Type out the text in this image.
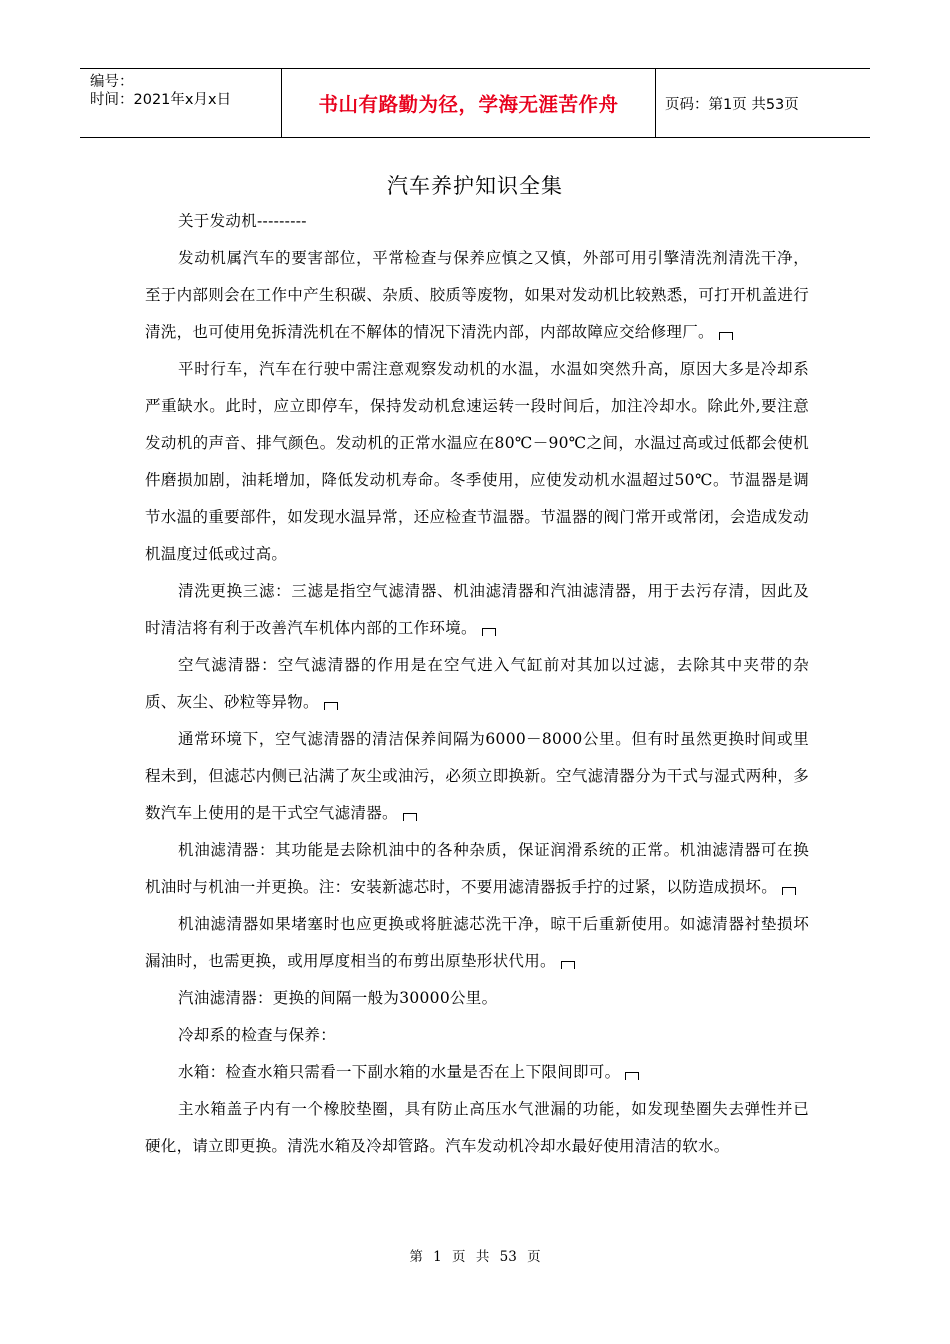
编号：
时间：2021年x月x日	书山有路勤为径，学海无涯苦作舟	页码：第1页 共53页
汽车养护知识全集

关于发动机---------

发动机属汽车的要害部位，平常检查与保养应慎之又慎，外部可用引擎清洗剂清洗干净，至于内部则会在工作中产生积碳、杂质、胶质等废物，如果对发动机比较熟悉，可打开机盖进行清洗，也可使用免拆清洗机在不解体的情况下清洗内部，内部故障应交给修理厂。

平时行车，汽车在行驶中需注意观察发动机的水温，水温如突然升高，原因大多是冷却系严重缺水。此时，应立即停车，保持发动机怠速运转一段时间后，加注冷却水。除此外,要注意发动机的声音、排气颜色。发动机的正常水温应在80℃－90℃之间，水温过高或过低都会使机件磨损加剧，油耗增加，降低发动机寿命。冬季使用，应使发动机水温超过50℃。节温器是调节水温的重要部件，如发现水温异常，还应检查节温器。节温器的阀门常开或常闭，会造成发动机温度过低或过高。

清洗更换三滤：三滤是指空气滤清器、机油滤清器和汽油滤清器，用于去污存清，因此及时清洁将有利于改善汽车机体内部的工作环境。

空气滤清器：空气滤清器的作用是在空气进入气缸前对其加以过滤，去除其中夹带的杂质、灰尘、砂粒等异物。

通常环境下，空气滤清器的清洁保养间隔为6000－8000公里。但有时虽然更换时间或里程未到，但滤芯内侧已沾满了灰尘或油污，必须立即换新。空气滤清器分为干式与湿式两种，多数汽车上使用的是干式空气滤清器。

机油滤清器：其功能是去除机油中的各种杂质，保证润滑系统的正常。机油滤清器可在换机油时与机油一并更换。注：安装新滤芯时，不要用滤清器扳手拧的过紧，以防造成损坏。

机油滤清器如果堵塞时也应更换或将脏滤芯洗干净，晾干后重新使用。如滤清器衬垫损坏漏油时，也需更换，或用厚度相当的布剪出原垫形状代用。

汽油滤清器：更换的间隔一般为30000公里。

冷却系的检查与保养：

水箱：检查水箱只需看一下副水箱的水量是否在上下限间即可。

主水箱盖子内有一个橡胶垫圈，具有防止高压水气泄漏的功能，如发现垫圈失去弹性并已硬化，请立即更换。清洗水箱及冷却管路。汽车发动机冷却水最好使用清洁的软水。

第 1 页 共 53 页
